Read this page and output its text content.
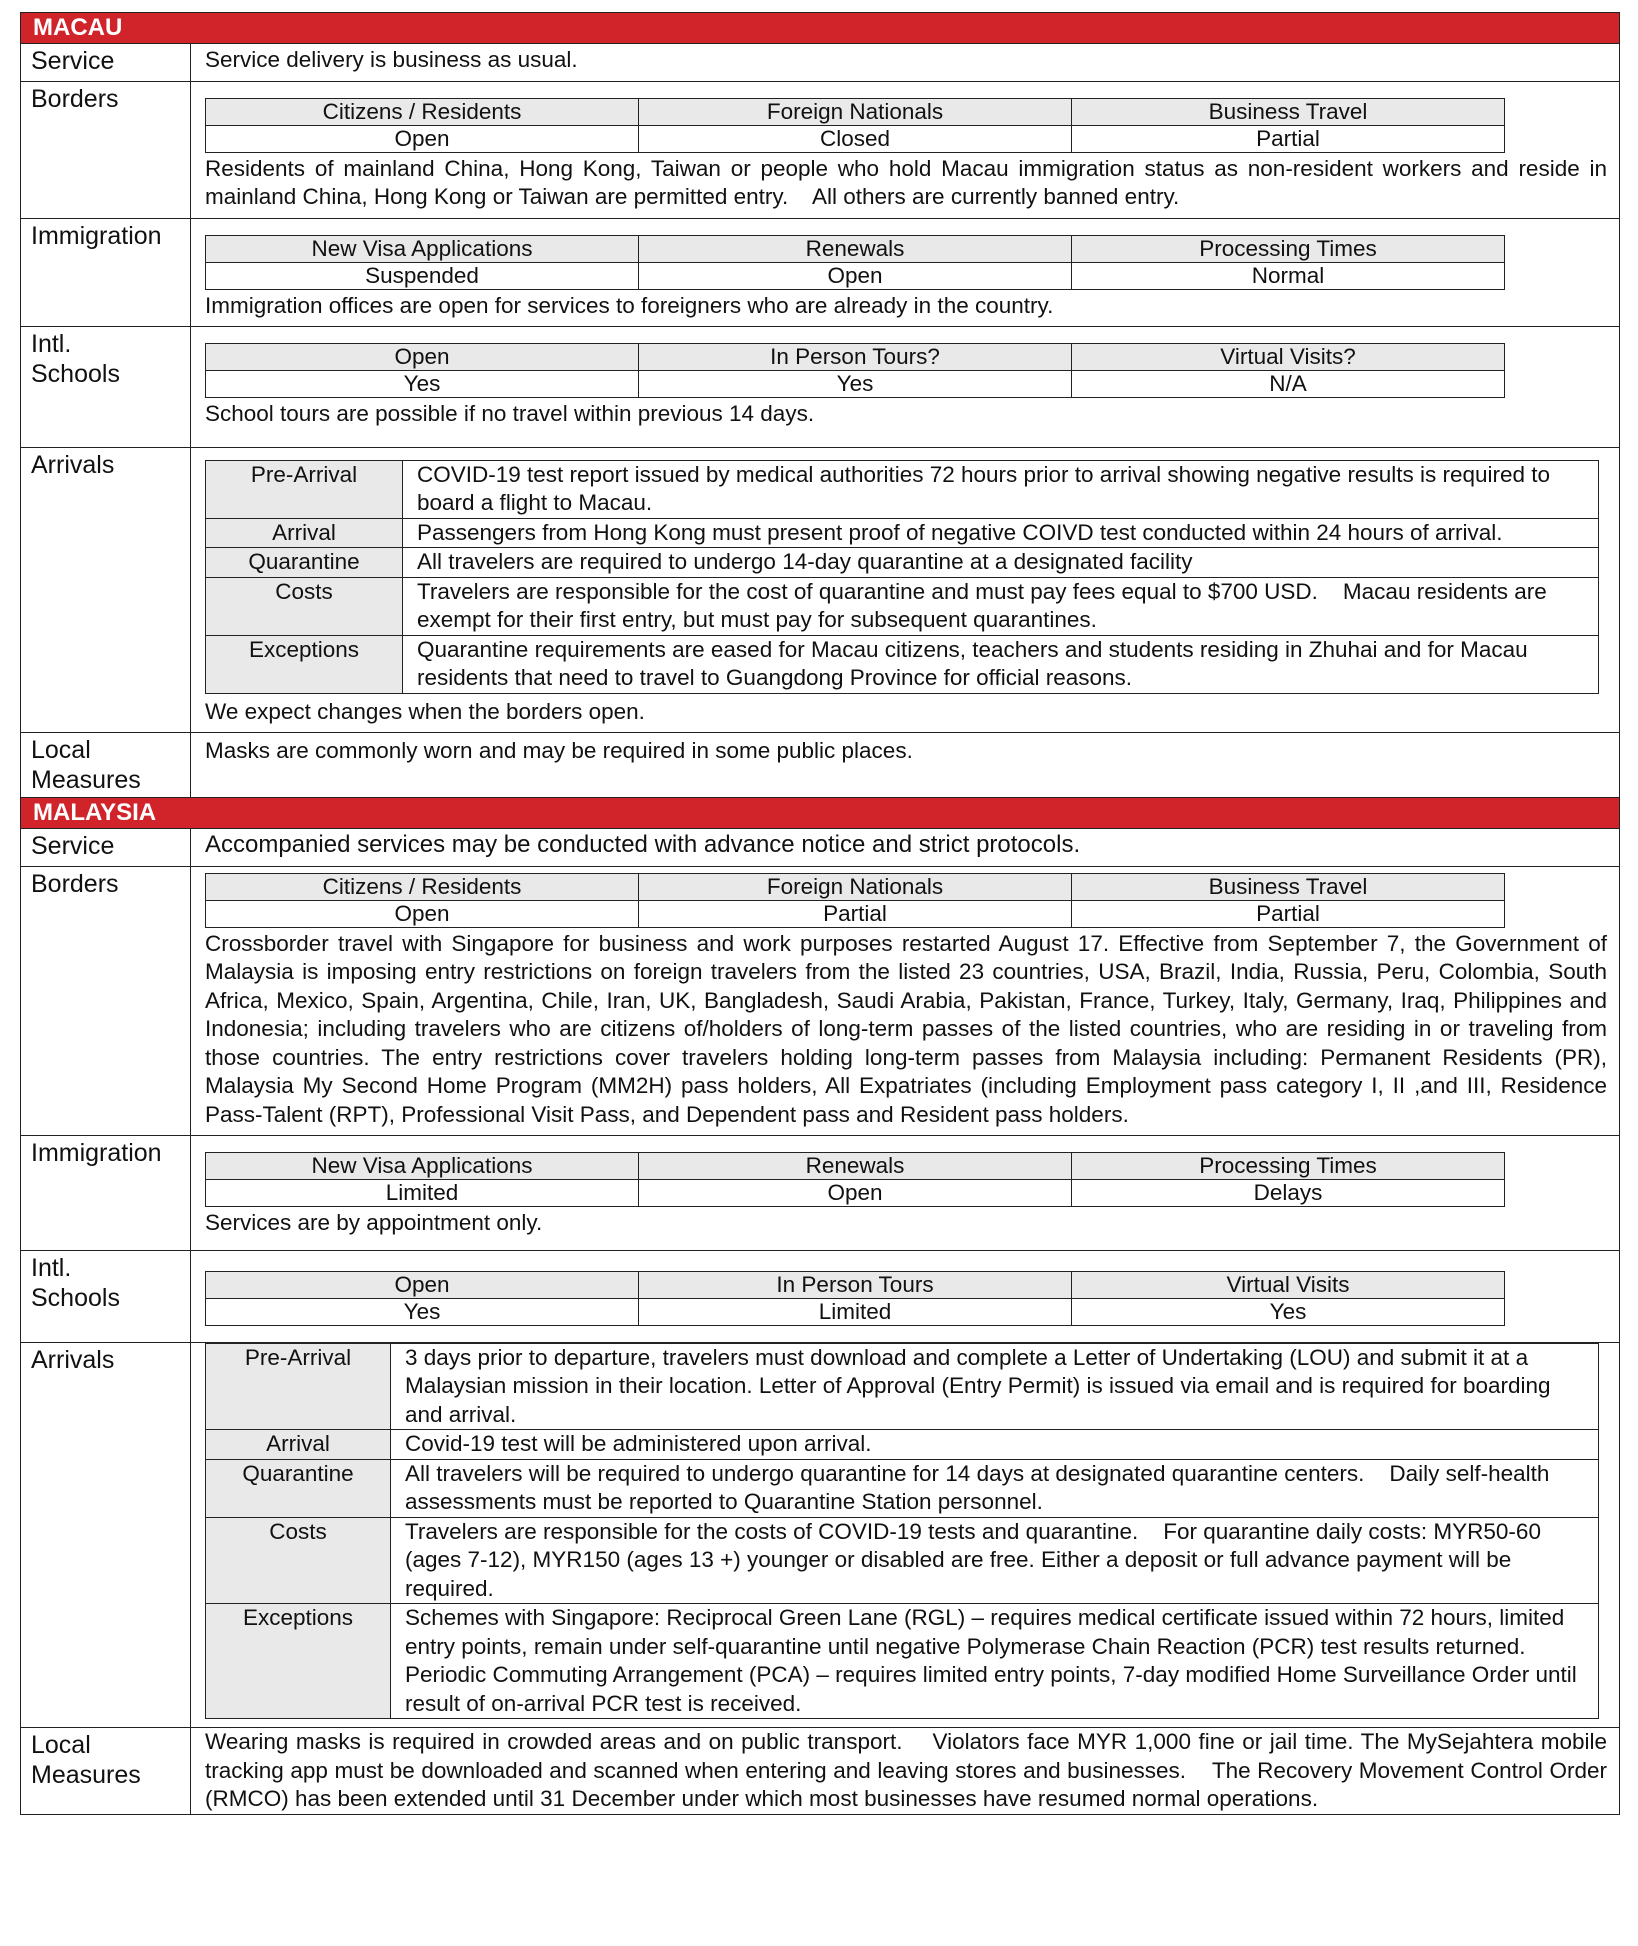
MACAU
Service	Service delivery is business as usual.

Borders		Citizens / Residents	Foreign Nationals	Business Travel
Open	Closed	Partial

Residents of mainland China, Hong Kong, Taiwan or people who hold Macau immigration status as non-resident workers and reside in mainland China, Hong Kong or Taiwan are permitted entry.    All others are currently banned entry.

Immigration		New Visa Applications	Renewals	Processing Times
Suspended	Open	Normal

Immigration offices are open for services to foreigners who are already in the country.

Intl.
Schools

Open	In Person Tours?	Virtual Visits?
Yes	Yes	N/A

School tours are possible if no travel within previous 14 days.

Arrivals		Pre-Arrival	COVID-19 test report issued by medical authorities 72 hours prior to arrival showing negative results is required to board a flight to Macau.
Arrival	Passengers from Hong Kong must present proof of negative COIVD test conducted within 24 hours of arrival.
Quarantine	All travelers are required to undergo 14-day quarantine at a designated facility
Costs	Travelers are responsible for the cost of quarantine and must pay fees equal to $700 USD.    Macau residents are exempt for their first entry, but must pay for subsequent quarantines.
Exceptions	Quarantine requirements are eased for Macau citizens, teachers and students residing in Zhuhai and for Macau residents that need to travel to Guangdong Province for official reasons.

We expect changes when the borders open.

Local
Measures

Masks are commonly worn and may be required in some public places.

MALAYSIA
Service	Accompanied services may be conducted with advance notice and strict protocols.

Borders		Citizens / Residents	Foreign Nationals	Business Travel
Open	Partial	Partial

Crossborder travel with Singapore for business and work purposes restarted August 17. Effective from September 7, the Government of Malaysia is imposing entry restrictions on foreign travelers from the listed 23 countries, USA, Brazil, India, Russia, Peru, Colombia, South Africa, Mexico, Spain, Argentina, Chile, Iran, UK, Bangladesh, Saudi Arabia, Pakistan, France, Turkey, Italy, Germany, Iraq, Philippines and Indonesia; including travelers who are citizens of/holders of long-term passes of the listed countries, who are residing in or traveling from those countries. The entry restrictions cover travelers holding long-term passes from Malaysia including: Permanent Residents (PR), Malaysia My Second Home Program (MM2H) pass holders, All Expatriates (including Employment pass category I, II ,and III, Residence Pass-Talent (RPT), Professional Visit Pass, and Dependent pass and Resident pass holders.

Immigration		New Visa Applications	Renewals	Processing Times
Limited	Open	Delays

Services are by appointment only.

Intl.
Schools
		Open	In Person Tours	Virtual Visits
Yes	Limited	Yes

Arrivals		Pre-Arrival	3 days prior to departure, travelers must download and complete a Letter of Undertaking (LOU) and submit it at a Malaysian mission in their location. Letter of Approval (Entry Permit) is issued via email and is required for boarding and arrival.
Arrival	Covid-19 test will be administered upon arrival.
Quarantine	All travelers will be required to undergo quarantine for 14 days at designated quarantine centers.    Daily self-health assessments must be reported to Quarantine Station personnel.
Costs	Travelers are responsible for the costs of COVID-19 tests and quarantine.    For quarantine daily costs: MYR50-60 (ages 7-12), MYR150 (ages 13 +) younger or disabled are free. Either a deposit or full advance payment will be required.
Exceptions	Schemes with Singapore: Reciprocal Green Lane (RGL) – requires medical certificate issued within 72 hours, limited entry points, remain under self-quarantine until negative Polymerase Chain Reaction (PCR) test results returned. Periodic Commuting Arrangement (PCA) – requires limited entry points, 7-day modified Home Surveillance Order until result of on-arrival PCR test is received.

Local
Measures

Wearing masks is required in crowded areas and on public transport.    Violators face MYR 1,000 fine or jail time. The MySejahtera mobile tracking app must be downloaded and scanned when entering and leaving stores and businesses.    The Recovery Movement Control Order (RMCO) has been extended until 31 December under which most businesses have resumed normal operations.
